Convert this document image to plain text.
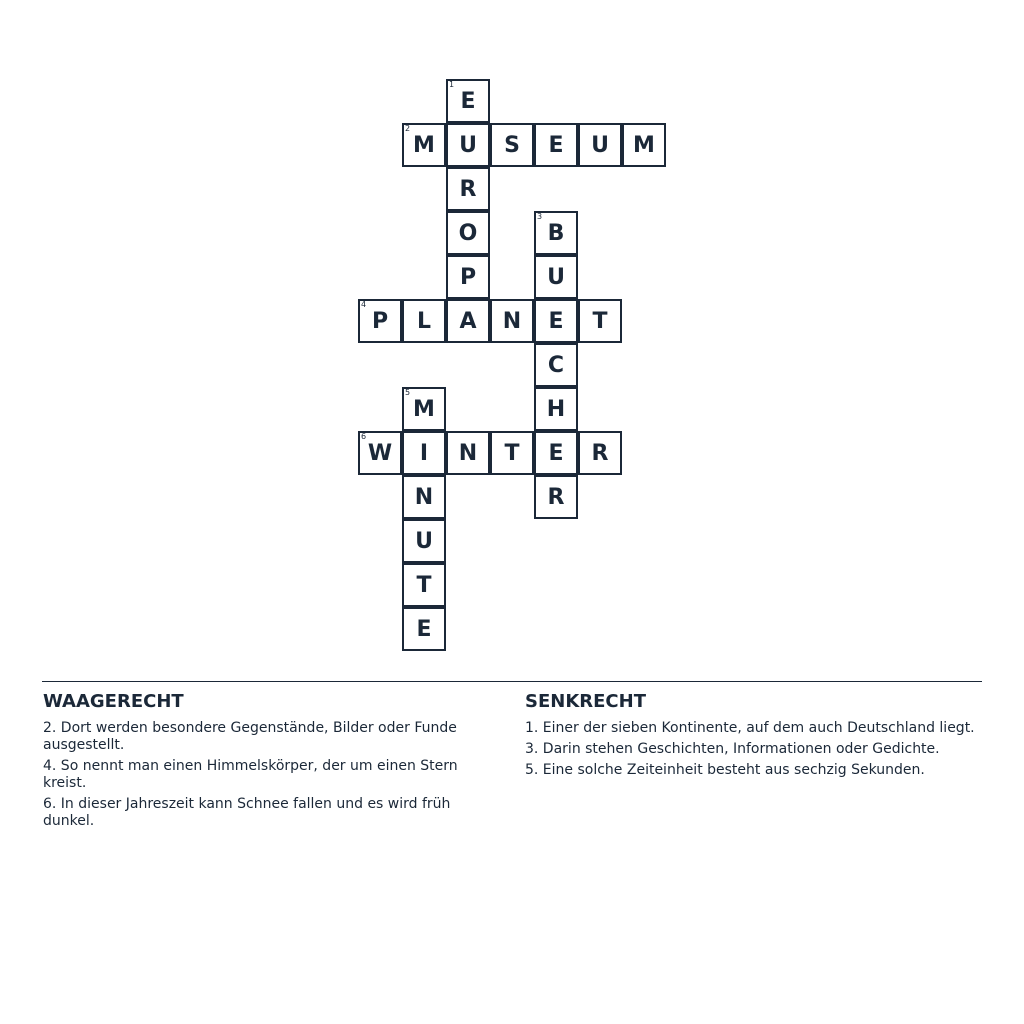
1
E
2
M	U	S	E	U	M
R
O
3
B
P	U
4
P	L	A	N	E	T
C
5
M	H
6
W	I	N	T	E	R
N	R
U
T
E
WAAGERECHT
2. Dort werden besondere Gegenstände, Bilder oder Funde ausgestellt.
4. So nennt man einen Himmelskörper, der um einen Stern kreist.
6. In dieser Jahreszeit kann Schnee fallen und es wird früh dunkel.
SENKRECHT
1. Einer der sieben Kontinente, auf dem auch Deutschland liegt.
3. Darin stehen Geschichten, Informationen oder Gedichte.
5. Eine solche Zeiteinheit besteht aus sechzig Sekunden.
